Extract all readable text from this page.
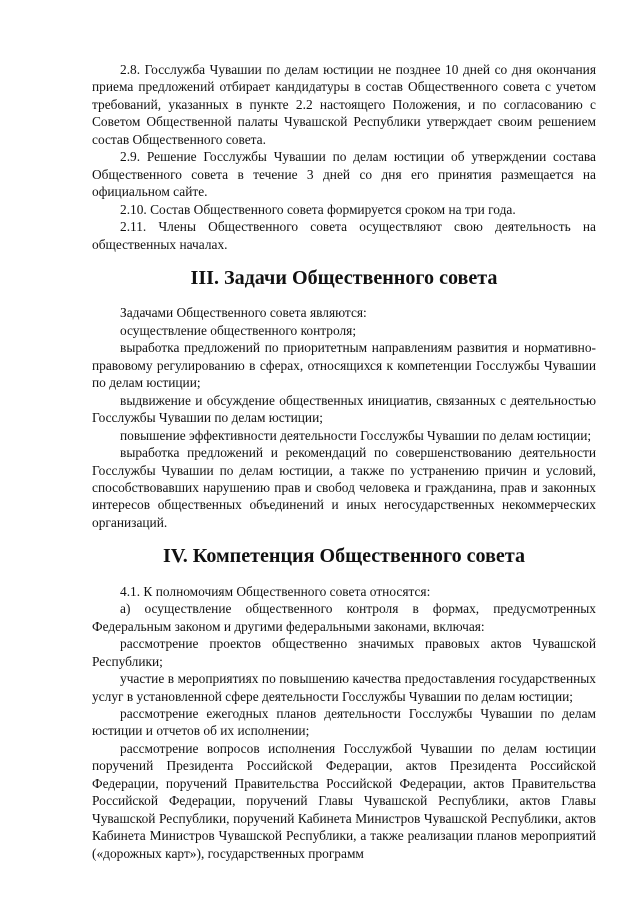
2.8. Госслужба Чувашии по делам юстиции не позднее 10 дней со дня окончания приема предложений отбирает кандидатуры в состав Общественного совета с учетом требований, указанных в пункте 2.2 настоящего Положения, и по согласованию с Советом Общественной палаты Чувашской Республики утверждает своим решением состав Общественного совета.

2.9. Решение Госслужбы Чувашии по делам юстиции об утверждении состава Общественного совета в течение 3 дней со дня его принятия размещается на официальном сайте.

2.10. Состав Общественного совета формируется сроком на три года.

2.11. Члены Общественного совета осуществляют свою деятельность на общественных началах.

III. Задачи Общественного совета

Задачами Общественного совета являются:

осуществление общественного контроля;

выработка предложений по приоритетным направлениям развития и нормативно-правовому регулированию в сферах, относящихся к компетенции Госслужбы Чувашии по делам юстиции;

выдвижение и обсуждение общественных инициатив, связанных с деятельностью Госслужбы Чувашии по делам юстиции;

повышение эффективности деятельности Госслужбы Чувашии по делам юстиции;

выработка предложений и рекомендаций по совершенствованию деятельности Госслужбы Чувашии по делам юстиции, а также по устранению причин и условий, способствовавших нарушению прав и свобод человека и гражданина, прав и законных интересов общественных объединений и иных негосударственных некоммерческих организаций.

IV. Компетенция Общественного совета

4.1. К полномочиям Общественного совета относятся:

а) осуществление общественного контроля в формах, предусмотренных Федеральным законом и другими федеральными законами, включая:

рассмотрение проектов общественно значимых правовых актов Чувашской Республики;

участие в мероприятиях по повышению качества предоставления государственных услуг в установленной сфере деятельности Госслужбы Чувашии по делам юстиции;

рассмотрение ежегодных планов деятельности Госслужбы Чувашии по делам юстиции и отчетов об их исполнении;

рассмотрение вопросов исполнения Госслужбой Чувашии по делам юстиции поручений Президента Российской Федерации, актов Президента Российской Федерации, поручений Правительства Российской Федерации, актов Правительства Российской Федерации, поручений Главы Чувашской Республики, актов Главы Чувашской Республики, поручений Кабинета Министров Чувашской Республики, актов Кабинета Министров Чувашской Республики, а также реализации планов мероприятий («дорожных карт»), государственных программ
